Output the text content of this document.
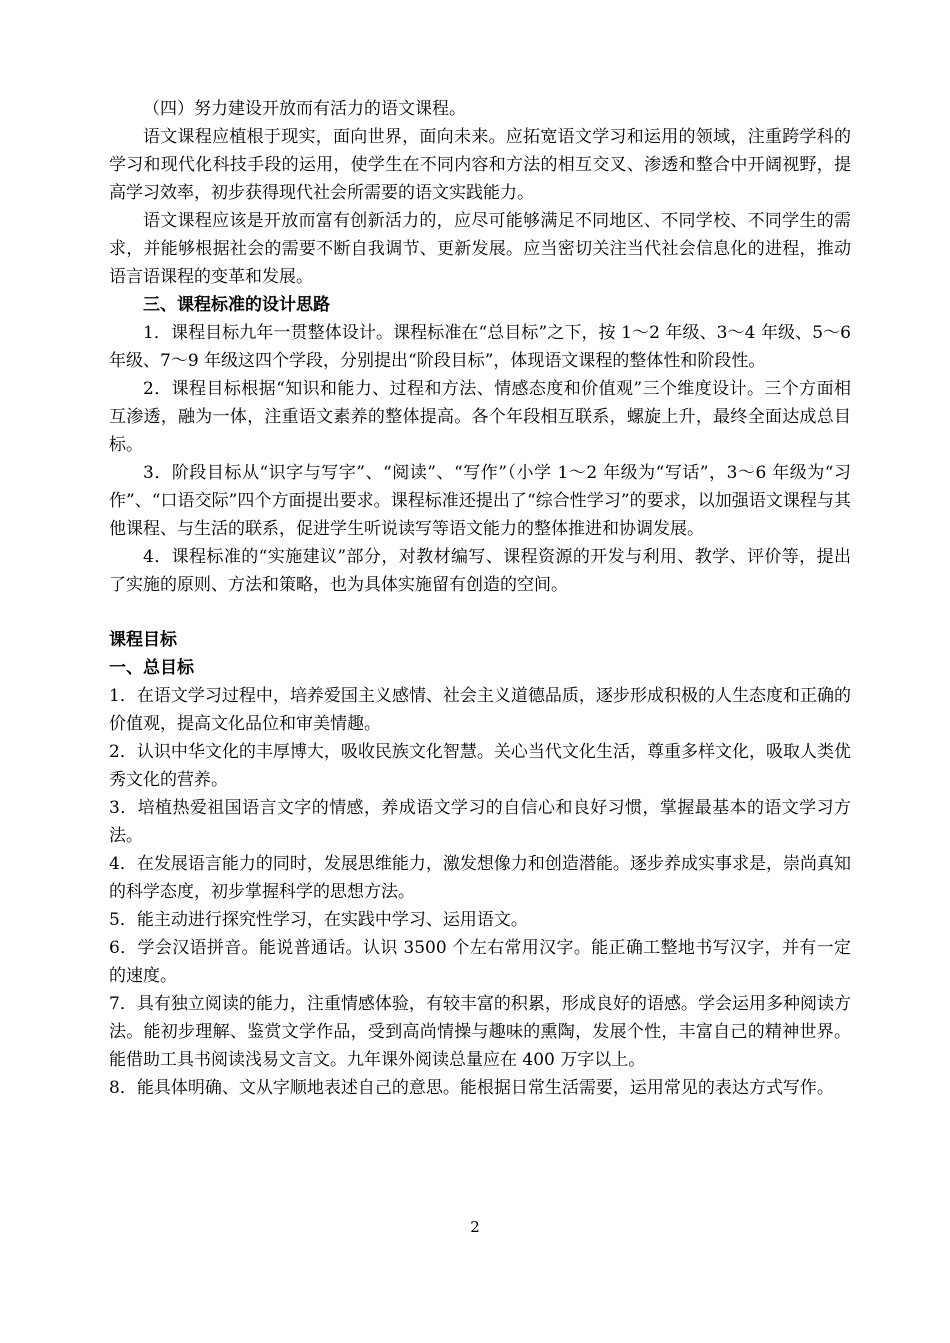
（四）努力建设开放而有活力的语文课程。

语文课程应植根于现实，面向世界，面向未来。应拓宽语文学习和运用的领域，注重跨学科的学习和现代化科技手段的运用，使学生在不同内容和方法的相互交叉、渗透和整合中开阔视野，提高学习效率，初步获得现代社会所需要的语文实践能力。

语文课程应该是开放而富有创新活力的，应尽可能够满足不同地区、不同学校、不同学生的需求，并能够根据社会的需要不断自我调节、更新发展。应当密切关注当代社会信息化的进程，推动语言语课程的变革和发展。

三、课程标准的设计思路

1．课程目标九年一贯整体设计。课程标准在“总目标”之下，按 1～2 年级、3～4 年级、5～6 年级、7～9 年级这四个学段，分别提出“阶段目标”，体现语文课程的整体性和阶段性。

2．课程目标根据“知识和能力、过程和方法、情感态度和价值观”三个维度设计。三个方面相互渗透，融为一体，注重语文素养的整体提高。各个年段相互联系，螺旋上升，最终全面达成总目标。

3．阶段目标从“识字与写字”、“阅读”、“写作”（小学 1～2 年级为“写话”，3～6 年级为“习作”、“口语交际”四个方面提出要求。课程标准还提出了“综合性学习”的要求，以加强语文课程与其他课程、与生活的联系，促进学生听说读写等语文能力的整体推进和协调发展。

4．课程标准的“实施建议”部分，对教材编写、课程资源的开发与利用、教学、评价等，提出了实施的原则、方法和策略，也为具体实施留有创造的空间。

课程目标

一、总目标

1．在语文学习过程中，培养爱国主义感情、社会主义道德品质，逐步形成积极的人生态度和正确的价值观，提高文化品位和审美情趣。

2．认识中华文化的丰厚博大，吸收民族文化智慧。关心当代文化生活，尊重多样文化，吸取人类优秀文化的营养。

3．培植热爱祖国语言文字的情感，养成语文学习的自信心和良好习惯，掌握最基本的语文学习方法。

4．在发展语言能力的同时，发展思维能力，激发想像力和创造潜能。逐步养成实事求是，崇尚真知的科学态度，初步掌握科学的思想方法。

5．能主动进行探究性学习，在实践中学习、运用语文。

6．学会汉语拼音。能说普通话。认识 3500 个左右常用汉字。能正确工整地书写汉字，并有一定的速度。

7．具有独立阅读的能力，注重情感体验，有较丰富的积累，形成良好的语感。学会运用多种阅读方法。能初步理解、鉴赏文学作品，受到高尚情操与趣味的熏陶，发展个性，丰富自己的精神世界。能借助工具书阅读浅易文言文。九年课外阅读总量应在 400 万字以上。

8．能具体明确、文从字顺地表述自己的意思。能根据日常生活需要，运用常见的表达方式写作。

2
